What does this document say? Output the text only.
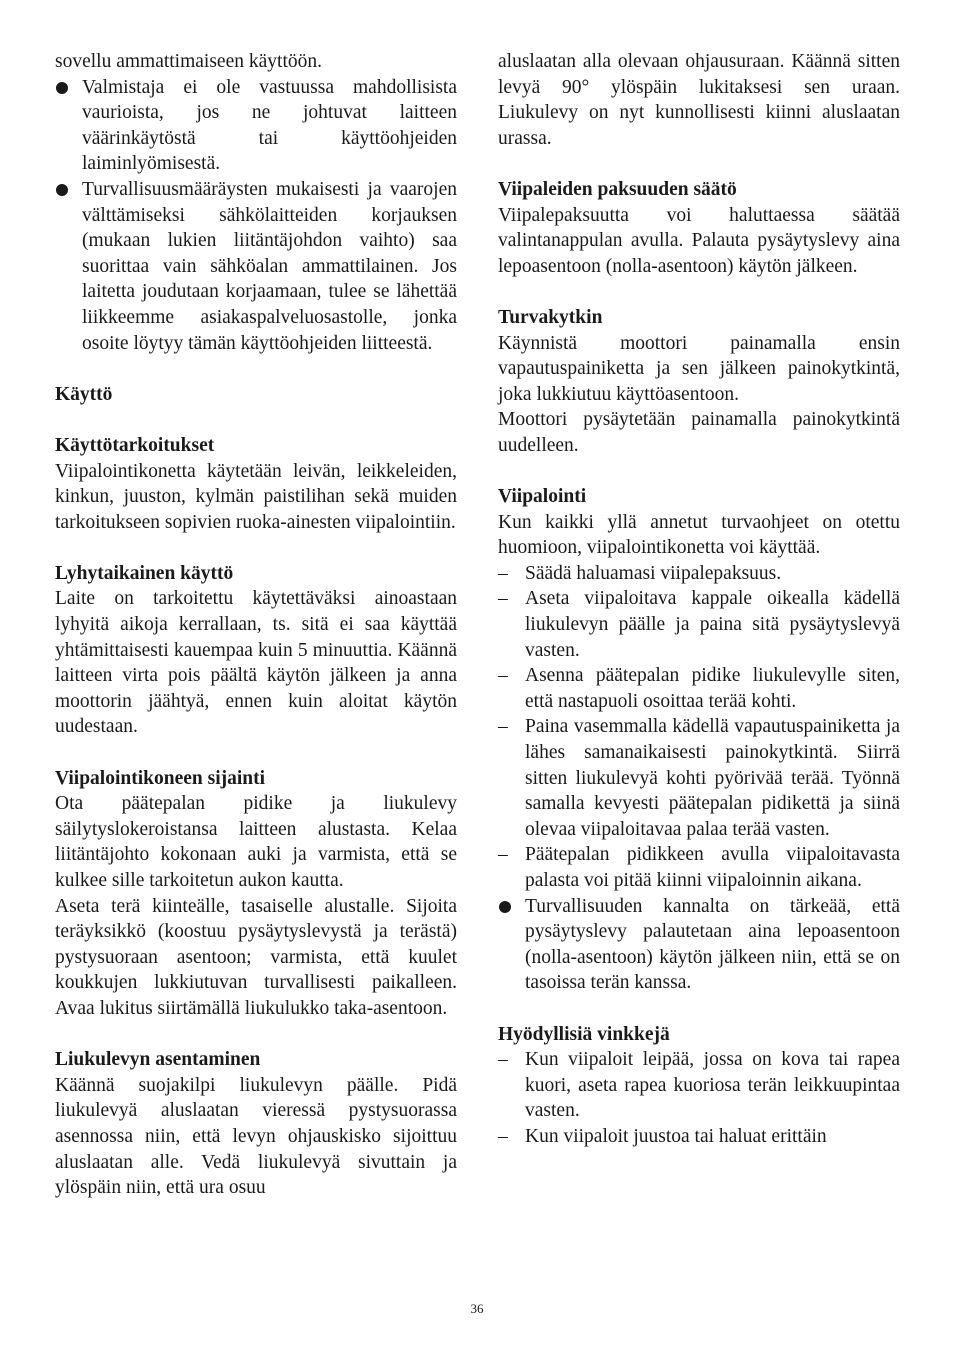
sovellu ammattimaiseen käyttöön.

Valmistaja ei ole vastuussa mahdollisista vaurioista, jos ne johtuvat laitteen väärinkäytöstä tai käyttöohjeiden laiminlyömisestä.

Turvallisuusmääräysten mukaisesti ja vaarojen välttämiseksi sähkölaitteiden korjauksen (mukaan lukien liitäntäjohdon vaihto) saa suorittaa vain sähköalan ammattilainen. Jos laitetta joudutaan korjaamaan, tulee se lähettää liikkeemme asiakaspalveluosastolle, jonka osoite löytyy tämän käyttöohjeiden liitteestä.

Käyttö

Käyttötarkoitukset

Viipalointikonetta käytetään leivän, leikkeleiden, kinkun, juuston, kylmän paistilihan sekä muiden tarkoitukseen sopivien ruoka-ainesten viipalointiin.

Lyhytaikainen käyttö

Laite on tarkoitettu käytettäväksi ainoastaan lyhyitä aikoja kerrallaan, ts. sitä ei saa käyttää yhtämittaisesti kauempaa kuin 5 minuuttia. Käännä laitteen virta pois päältä käytön jälkeen ja anna moottorin jäähtyä, ennen kuin aloitat käytön uudestaan.

Viipalointikoneen sijainti

Ota päätepalan pidike ja liukulevy säilytyslokeroistansa laitteen alustasta. Kelaa liitäntäjohto kokonaan auki ja varmista, että se kulkee sille tarkoitetun aukon kautta.

Aseta terä kiinteälle, tasaiselle alustalle. Sijoita teräyksikkö (koostuu pysäytyslevystä ja terästä) pystysuoraan asentoon; varmista, että kuulet koukkujen lukkiutuvan turvallisesti paikalleen. Avaa lukitus siirtämällä liukulukko taka-asentoon.

Liukulevyn asentaminen

Käännä suojakilpi liukulevyn päälle. Pidä liukulevyä aluslaatan vieressä pystysuorassa asennossa niin, että levyn ohjauskisko sijoittuu aluslaatan alle. Vedä liukulevyä sivuttain ja ylöspäin niin, että ura osuu

aluslaatan alla olevaan ohjausuraan. Käännä sitten levyä 90° ylöspäin lukitaksesi sen uraan. Liukulevy on nyt kunnollisesti kiinni aluslaatan urassa.

Viipaleiden paksuuden säätö

Viipalepaksuutta voi haluttaessa säätää valintanappulan avulla. Palauta pysäytyslevy aina lepoasentoon (nolla-asentoon) käytön jälkeen.

Turvakytkin

Käynnistä moottori painamalla ensin vapautuspainiketta ja sen jälkeen painokytkintä, joka lukkiutuu käyttöasentoon.

Moottori pysäytetään painamalla painokytkintä uudelleen.

Viipalointi

Kun kaikki yllä annetut turvaohjeet on otettu huomioon, viipalointikonetta voi käyttää.

– Säädä haluamasi viipalepaksuus.

– Aseta viipaloitava kappale oikealla kädellä liukulevyn päälle ja paina sitä pysäytyslevyä vasten.

– Asenna päätepalan pidike liukulevylle siten, että nastapuoli osoittaa terää kohti.

– Paina vasemmalla kädellä vapautuspainiketta ja lähes samanaikaisesti painokytkintä. Siirrä sitten liukulevyä kohti pyörivää terää. Työnnä samalla kevyesti päätepalan pidikettä ja siinä olevaa viipaloitavaa palaa terää vasten.

– Päätepalan pidikkeen avulla viipaloitavasta palasta voi pitää kiinni viipaloinnin aikana.

Turvallisuuden kannalta on tärkeää, että pysäytyslevy palautetaan aina lepoasentoon (nolla-asentoon) käytön jälkeen niin, että se on tasoissa terän kanssa.

Hyödyllisiä vinkkejä

– Kun viipaloit leipää, jossa on kova tai rapea kuori, aseta rapea kuoriosa terän leikkuupintaa vasten.

– Kun viipaloit juustoa tai haluat erittäin

36
